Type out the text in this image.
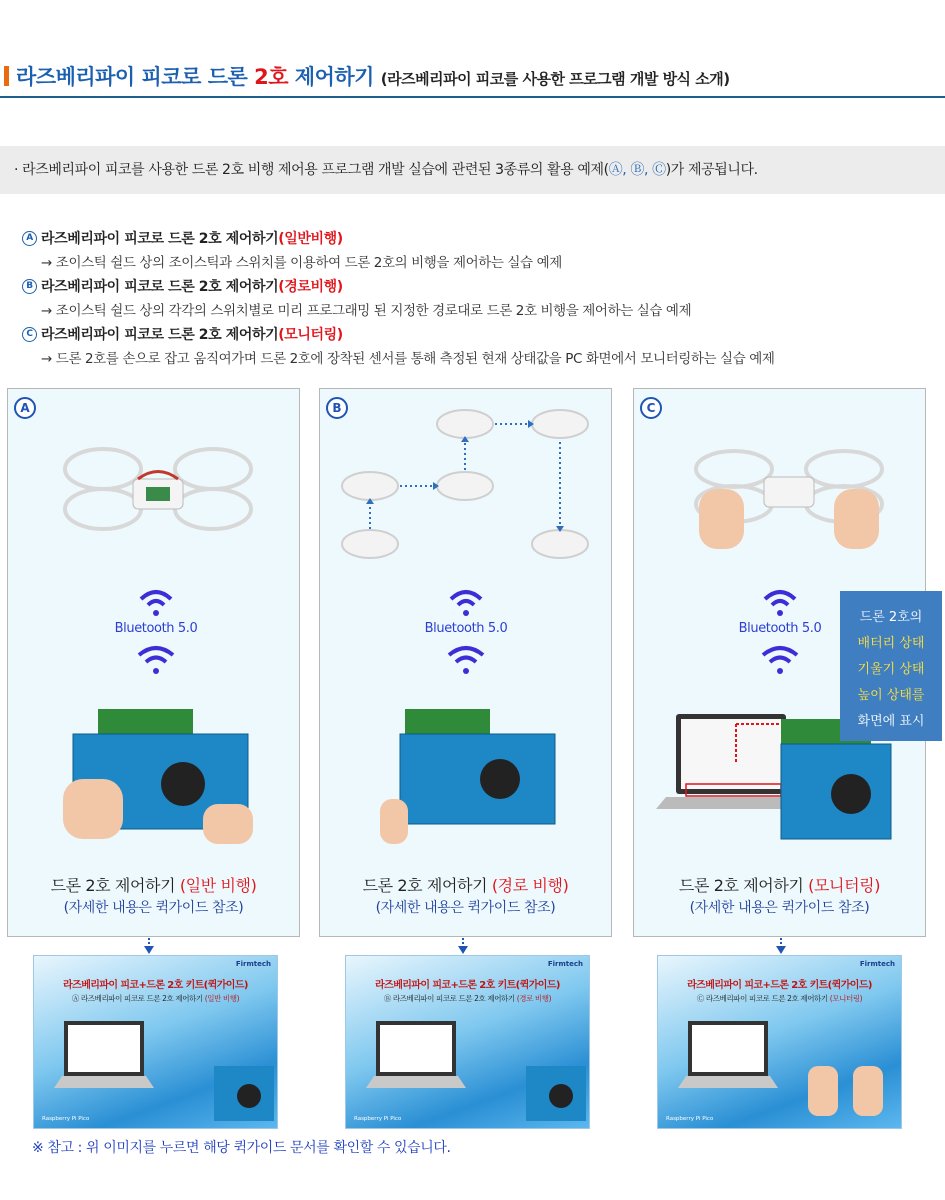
라즈베리파이 피코로 드론 2호 제어하기 (라즈베리파이 피코를 사용한 프로그램 개발 방식 소개)
· 라즈베리파이 피코를 사용한 드론 2호 비행 제어용 프로그램 개발 실습에 관련된 3종류의 활용 예제(Ⓐ, Ⓑ, Ⓒ)가 제공됩니다.
A 라즈베리파이 피코로 드론 2호 제어하기 (일반비행)
→ 조이스틱 쉴드 상의 조이스틱과 스위치를 이용하여 드론 2호의 비행을 제어하는 실습 예제
B 라즈베리파이 피코로 드론 2호 제어하기 (경로비행)
→ 조이스틱 쉴드 상의 각각의 스위치별로 미리 프로그래밍 된 지정한 경로대로 드론 2호 비행을 제어하는 실습 예제
C 라즈베리파이 피코로 드론 2호 제어하기 (모니터링)
→ 드론 2호를 손으로 잡고 움직여가며 드론 2호에 장착된 센서를 통해 측정된 현재 상태값을 PC 화면에서 모니터링하는 실습 예제
A
Bluetooth 5.0
드론 2호 제어하기 (일반 비행)
(자세한 내용은 퀵가이드 참조)
B
Bluetooth 5.0
드론 2호 제어하기 (경로 비행)
(자세한 내용은 퀵가이드 참조)
C
Bluetooth 5.0
드론 2호 제어하기 (모니터링)
(자세한 내용은 퀵가이드 참조)
드론 2호의
배터리 상태
기울기 상태
높이 상태를
화면에 표시
Firmtech
라즈베리파이 피코+드론 2호 키트(퀵가이드)
Ⓐ 라즈베리파이 피코로 드론 2호 제어하기 (일반 비행)
Raspberry Pi Pico
Firmtech
라즈베리파이 피코+드론 2호 키트(퀵가이드)
Ⓑ 라즈베리파이 피코로 드론 2호 제어하기 (경로 비행)
Raspberry Pi Pico
Firmtech
라즈베리파이 피코+드론 2호 키트(퀵가이드)
Ⓒ 라즈베리파이 피코로 드론 2호 제어하기 (모니터링)
Raspberry Pi Pico
※ 참고 : 위 이미지를 누르면 해당 퀵가이드 문서를 확인할 수 있습니다.
